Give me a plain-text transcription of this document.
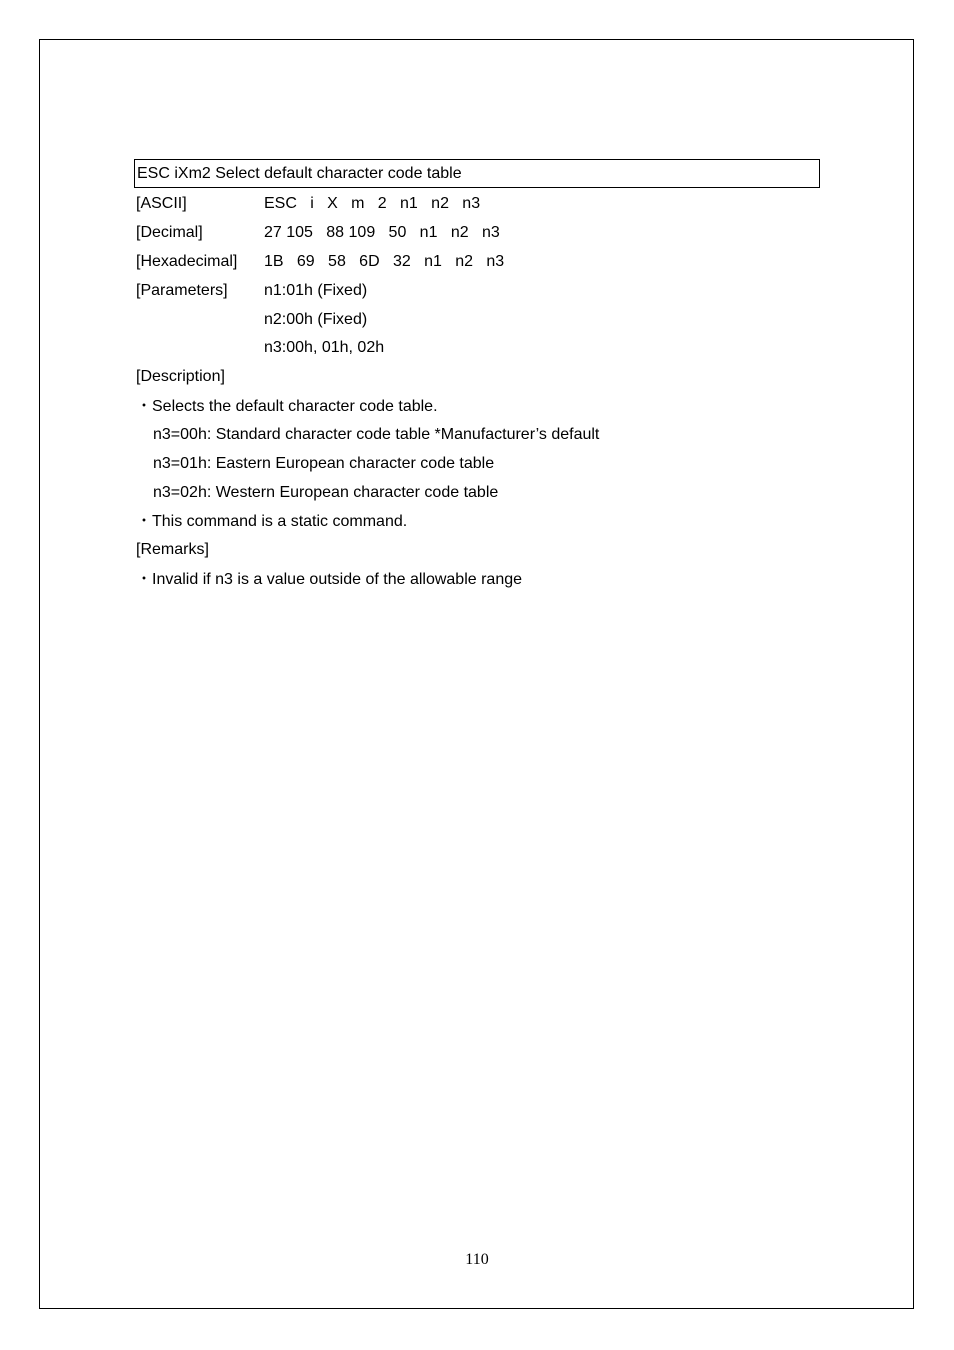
ESC iXm2 Select default character code table
[ASCII]	ESC   i   X   m   2   n1   n2   n3
[Decimal]	27 105   88 109   50   n1   n2   n3
[Hexadecimal] 1B   69   58   6D   32   n1   n2   n3
[Parameters] n1:01h (Fixed)
n2:00h (Fixed)
n3:00h, 01h, 02h
[Description]
・Selects the default character code table.
n3=00h: Standard character code table *Manufacturer’s default
n3=01h: Eastern European character code table
n3=02h: Western European character code table
・This command is a static command.
[Remarks]
・Invalid if n3 is a value outside of the allowable range
110
